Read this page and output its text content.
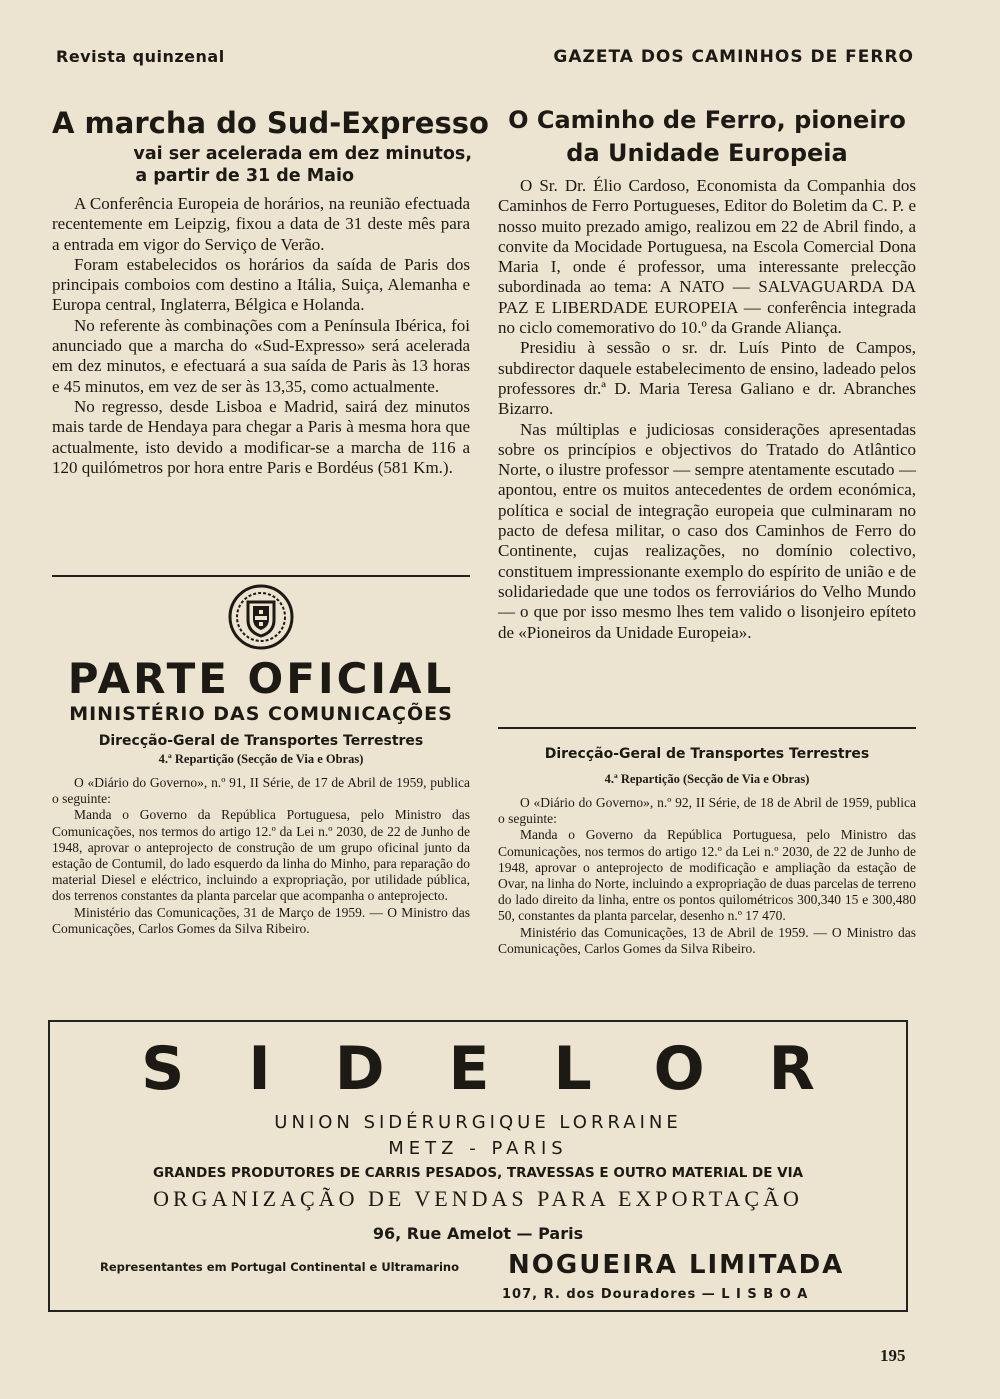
Revista quinzenal	GAZETA DOS CAMINHOS DE FERRO
A marcha do Sud-Expresso
vai ser acelerada em dez minutos,
a partir de 31 de Maio

A Conferência Europeia de horários, na reunião efectuada recentemente em Leipzig, fixou a data de 31 deste mês para a entrada em vigor do Serviço de Verão.

Foram estabelecidos os horários da saída de Paris dos principais comboios com destino a Itália, Suiça, Alemanha e Europa central, Inglaterra, Bélgica e Holanda.

No referente às combinações com a Península Ibérica, foi anunciado que a marcha do «Sud-Expresso» será acelerada em dez minutos, e efectuará a sua saída de Paris às 13 horas e 45 minutos, em vez de ser às 13,35, como actualmente.

No regresso, desde Lisboa e Madrid, sairá dez minutos mais tarde de Hendaya para chegar a Paris à mesma hora que actualmente, isto devido a modificar-se a marcha de 116 a 120 quilómetros por hora entre Paris e Bordéus (581 Km.).

PARTE OFICIAL
MINISTÉRIO DAS COMUNICAÇÕES
Direcção-Geral de Transportes Terrestres
4.ª Repartição (Secção de Via e Obras)

O «Diário do Governo», n.º 91, II Série, de 17 de Abril de 1959, publica o seguinte:

Manda o Governo da República Portuguesa, pelo Ministro das Comunicações, nos termos do artigo 12.º da Lei n.º 2030, de 22 de Junho de 1948, aprovar o anteprojecto de construção de um grupo oficinal junto da estação de Contumil, do lado esquerdo da linha do Minho, para reparação do material Diesel e eléctrico, incluindo a expropriação, por utilidade pública, dos terrenos constantes da planta parcelar que acompanha o anteprojecto.

Ministério das Comunicações, 31 de Março de 1959. — O Ministro das Comunicações, Carlos Gomes da Silva Ribeiro.

O Caminho de Ferro, pioneiro
da Unidade Europeia

O Sr. Dr. Élio Cardoso, Economista da Companhia dos Caminhos de Ferro Portugueses, Editor do Boletim da C. P. e nosso muito prezado amigo, realizou em 22 de Abril findo, a convite da Mocidade Portuguesa, na Escola Comercial Dona Maria I, onde é professor, uma interessante prelecção subordinada ao tema: A NATO — SALVAGUARDA DA PAZ E LIBERDADE EUROPEIA — conferência integrada no ciclo comemorativo do 10.º da Grande Aliança.

Presidiu à sessão o sr. dr. Luís Pinto de Campos, subdirector daquele estabelecimento de ensino, ladeado pelos professores dr.ª D. Maria Teresa Galiano e dr. Abranches Bizarro.

Nas múltiplas e judiciosas considerações apresentadas sobre os princípios e objectivos do Tratado do Atlântico Norte, o ilustre professor — sempre atentamente escutado — apontou, entre os muitos antecedentes de ordem económica, política e social de integração europeia que culminaram no pacto de defesa militar, o caso dos Caminhos de Ferro do Continente, cujas realizações, no domínio colectivo, constituem impressionante exemplo do espírito de união e de solidariedade que une todos os ferroviários do Velho Mundo — o que por isso mesmo lhes tem valido o lisonjeiro epíteto de «Pioneiros da Unidade Europeia».

Direcção-Geral de Transportes Terrestres
4.ª Repartição (Secção de Via e Obras)

O «Diário do Governo», n.º 92, II Série, de 18 de Abril de 1959, publica o seguinte:

Manda o Governo da República Portuguesa, pelo Ministro das Comunicações, nos termos do artigo 12.º da Lei n.º 2030, de 22 de Junho de 1948, aprovar o anteprojecto de modificação e ampliação da estação de Ovar, na linha do Norte, incluindo a expropriação de duas parcelas de terreno do lado direito da linha, entre os pontos quilométricos 300,340 15 e 300,480 50, constantes da planta parcelar, desenho n.º 17 470.

Ministério das Comunicações, 13 de Abril de 1959. — O Ministro das Comunicações, Carlos Gomes da Silva Ribeiro.

SIDELOR
UNION SIDÉRURGIQUE LORRAINE
METZ - PARIS
GRANDES PRODUTORES DE CARRIS PESADOS, TRAVESSAS E OUTRO MATERIAL DE VIA
ORGANIZAÇÃO DE VENDAS PARA EXPORTAÇÃO
96, Rue Amelot — Paris
Representantes em Portugal Continental e Ultramarino NOGUEIRA LIMITADA
107, R. dos Douradores — L I S B O A
195
